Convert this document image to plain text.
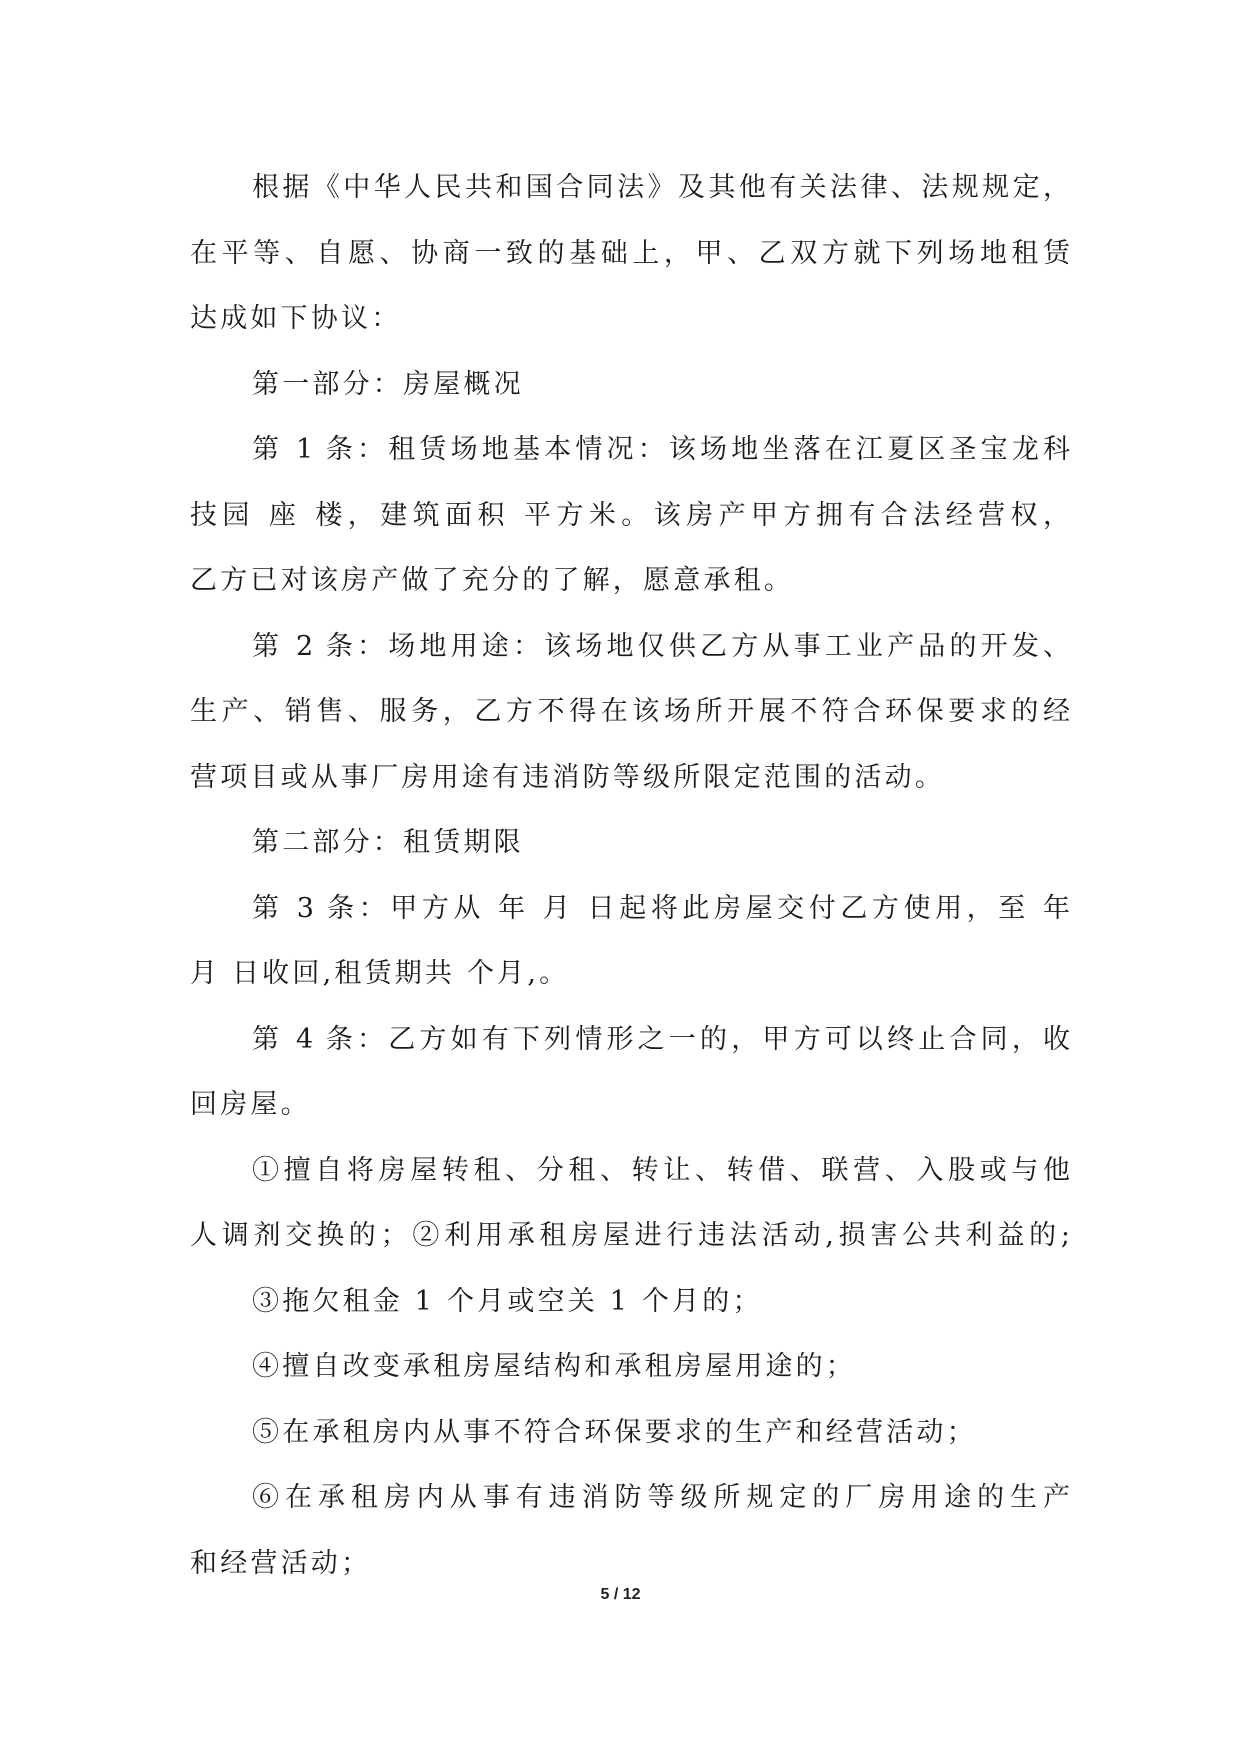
根据《中华人民共和国合同法》及其他有关法律、法规规定，
在平等、自愿、协商一致的基础上，甲、乙双方就下列场地租赁
达成如下协议：
第一部分：房屋概况
第 1 条：租赁场地基本情况：该场地坐落在江夏区圣宝龙科
技园 座 楼，建筑面积 平方米。该房产甲方拥有合法经营权，
乙方已对该房产做了充分的了解，愿意承租。
第 2 条：场地用途：该场地仅供乙方从事工业产品的开发、
生产、销售、服务，乙方不得在该场所开展不符合环保要求的经
营项目或从事厂房用途有违消防等级所限定范围的活动。
第二部分：租赁期限
第 3 条：甲方从 年 月 日起将此房屋交付乙方使用，至 年
月 日收回,租赁期共 个月,。
第 4 条：乙方如有下列情形之一的，甲方可以终止合同，收
回房屋。
①擅自将房屋转租、分租、转让、转借、联营、入股或与他
人调剂交换的；②利用承租房屋进行违法活动,损害公共利益的;
③拖欠租金 1 个月或空关 1 个月的；
④擅自改变承租房屋结构和承租房屋用途的；
⑤在承租房内从事不符合环保要求的生产和经营活动；
⑥在承租房内从事有违消防等级所规定的厂房用途的生产
和经营活动；
5 / 12
